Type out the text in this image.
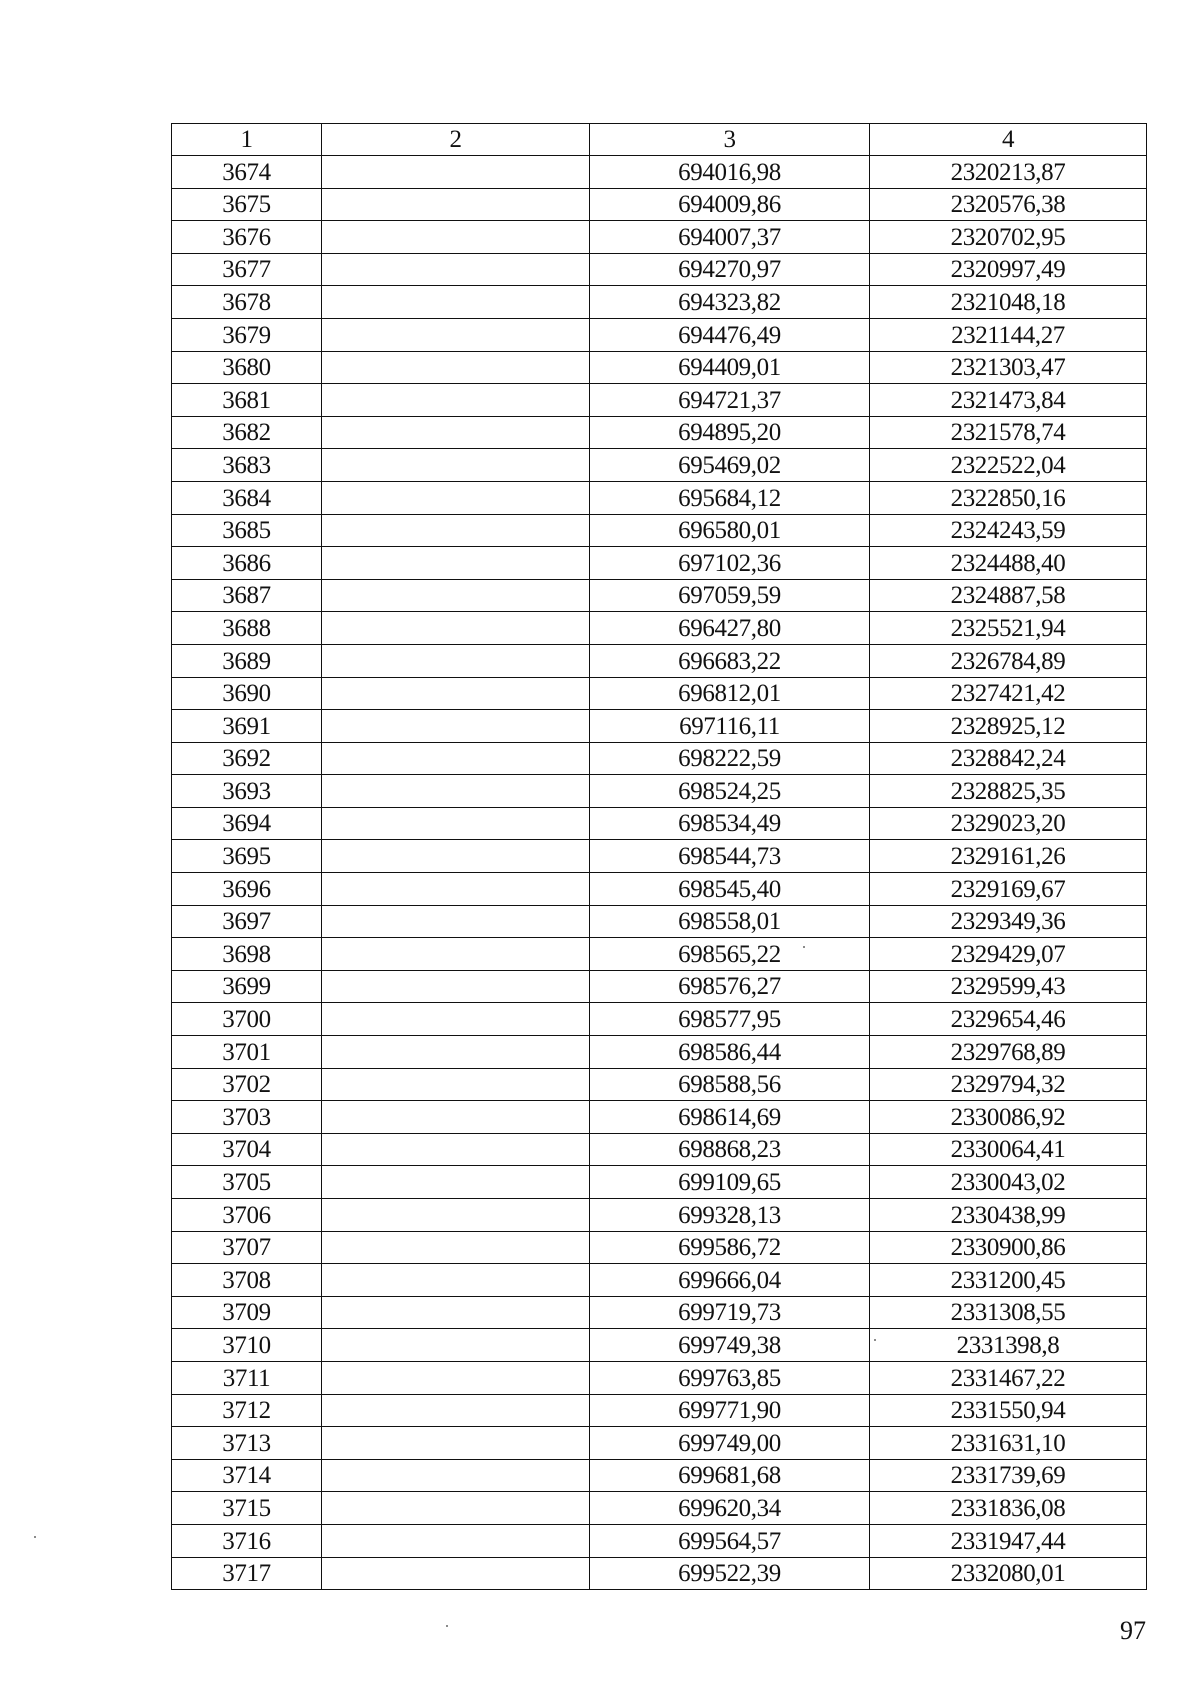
1	2	3	4
3674		694016,98	2320213,87
3675		694009,86	2320576,38
3676		694007,37	2320702,95
3677		694270,97	2320997,49
3678		694323,82	2321048,18
3679		694476,49	2321144,27
3680		694409,01	2321303,47
3681		694721,37	2321473,84
3682		694895,20	2321578,74
3683		695469,02	2322522,04
3684		695684,12	2322850,16
3685		696580,01	2324243,59
3686		697102,36	2324488,40
3687		697059,59	2324887,58
3688		696427,80	2325521,94
3689		696683,22	2326784,89
3690		696812,01	2327421,42
3691		697116,11	2328925,12
3692		698222,59	2328842,24
3693		698524,25	2328825,35
3694		698534,49	2329023,20
3695		698544,73	2329161,26
3696		698545,40	2329169,67
3697		698558,01	2329349,36
3698		698565,22	2329429,07
3699		698576,27	2329599,43
3700		698577,95	2329654,46
3701		698586,44	2329768,89
3702		698588,56	2329794,32
3703		698614,69	2330086,92
3704		698868,23	2330064,41
3705		699109,65	2330043,02
3706		699328,13	2330438,99
3707		699586,72	2330900,86
3708		699666,04	2331200,45
3709		699719,73	2331308,55
3710		699749,38	2331398,8
3711		699763,85	2331467,22
3712		699771,90	2331550,94
3713		699749,00	2331631,10
3714		699681,68	2331739,69
3715		699620,34	2331836,08
3716		699564,57	2331947,44
3717		699522,39	2332080,01
97
